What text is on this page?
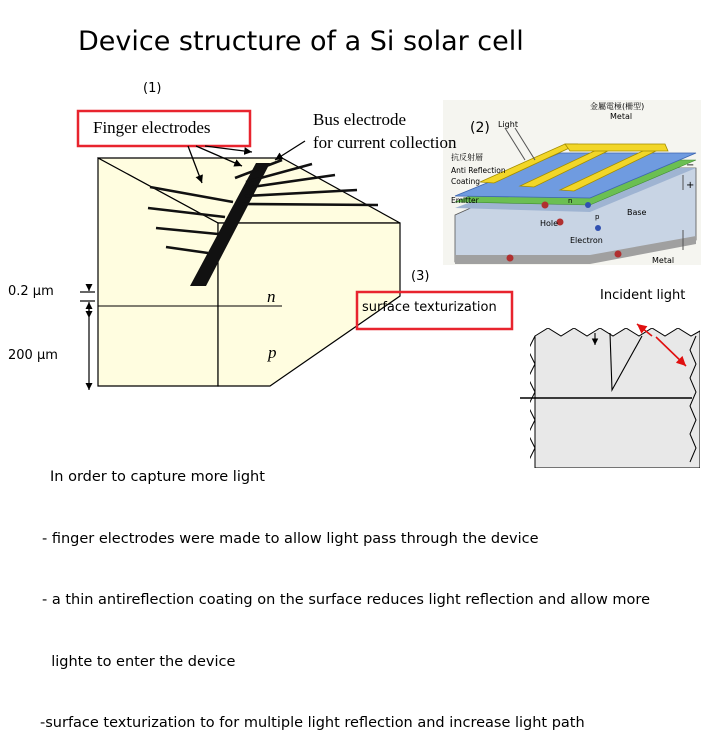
Device structure of a Si solar cell
(1)
Finger electrodes	Bus electrode
for current collection
(2)
(3)
surface texturization
Incident light
0.2 µm
200 µm
n
p
金屬電極(柵型)
Metal
Light
抗反射層
Anti Reflection
Coating
Emitter
Base
Hole
Electron
Metal
n
p
−
+

In order to capture more light

- finger electrodes were made to allow light pass through the device

- a thin antireflection coating on the surface reduces light reflection and allow more

lighte to enter the device

-surface texturization to for multiple light reflection and increase light path
